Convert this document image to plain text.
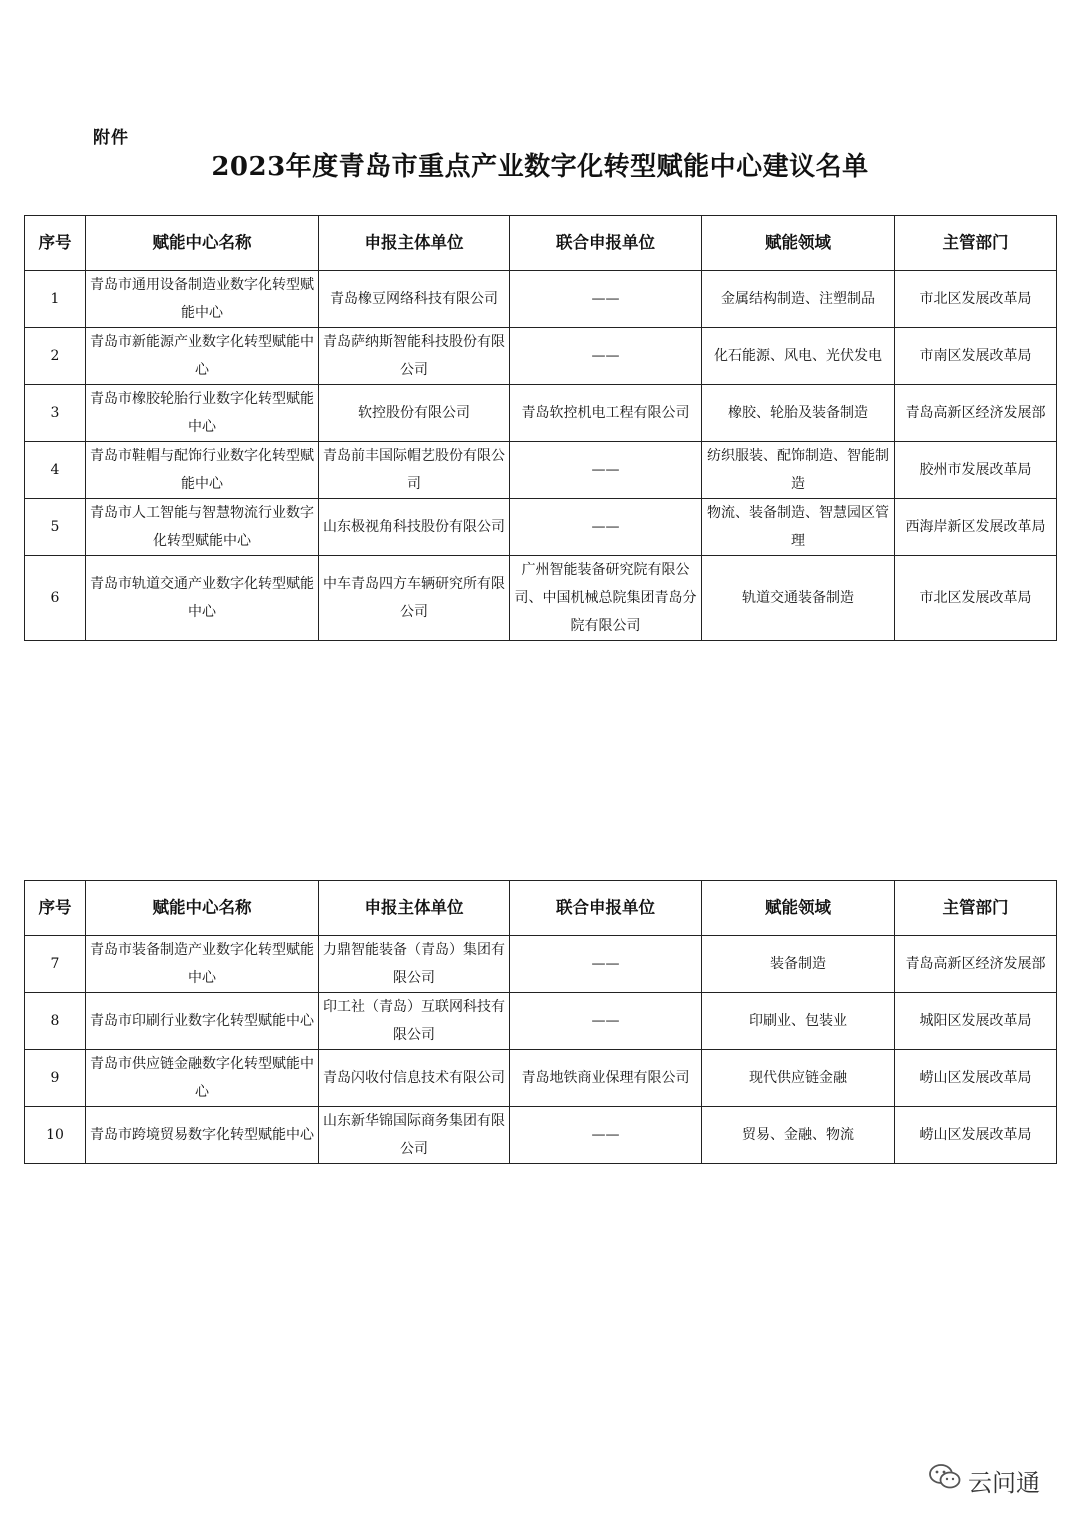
附件
2023年度青岛市重点产业数字化转型赋能中心建议名单
序号	赋能中心名称	申报主体单位	联合申报单位	赋能领域	主管部门
1	青岛市通用设备制造业数字化转型赋能中心	青岛橡豆网络科技有限公司	——	金属结构制造、注塑制品	市北区发展改革局
2	青岛市新能源产业数字化转型赋能中心	青岛萨纳斯智能科技股份有限公司	——	化石能源、风电、光伏发电	市南区发展改革局
3	青岛市橡胶轮胎行业数字化转型赋能中心	软控股份有限公司	青岛软控机电工程有限公司	橡胶、轮胎及装备制造	青岛高新区经济发展部
4	青岛市鞋帽与配饰行业数字化转型赋能中心	青岛前丰国际帽艺股份有限公司	——	纺织服装、配饰制造、智能制造	胶州市发展改革局
5	青岛市人工智能与智慧物流行业数字化转型赋能中心	山东极视角科技股份有限公司	——	物流、装备制造、智慧园区管理	西海岸新区发展改革局
6	青岛市轨道交通产业数字化转型赋能中心	中车青岛四方车辆研究所有限公司	广州智能装备研究院有限公司、中国机械总院集团青岛分院有限公司	轨道交通装备制造	市北区发展改革局
序号	赋能中心名称	申报主体单位	联合申报单位	赋能领域	主管部门
7	青岛市装备制造产业数字化转型赋能中心	力鼎智能装备（青岛）集团有限公司	——	装备制造	青岛高新区经济发展部
8	青岛市印刷行业数字化转型赋能中心	印工社（青岛）互联网科技有限公司	——	印刷业、包装业	城阳区发展改革局
9	青岛市供应链金融数字化转型赋能中心	青岛闪收付信息技术有限公司	青岛地铁商业保理有限公司	现代供应链金融	崂山区发展改革局
10	青岛市跨境贸易数字化转型赋能中心	山东新华锦国际商务集团有限公司	——	贸易、金融、物流	崂山区发展改革局
云问通
